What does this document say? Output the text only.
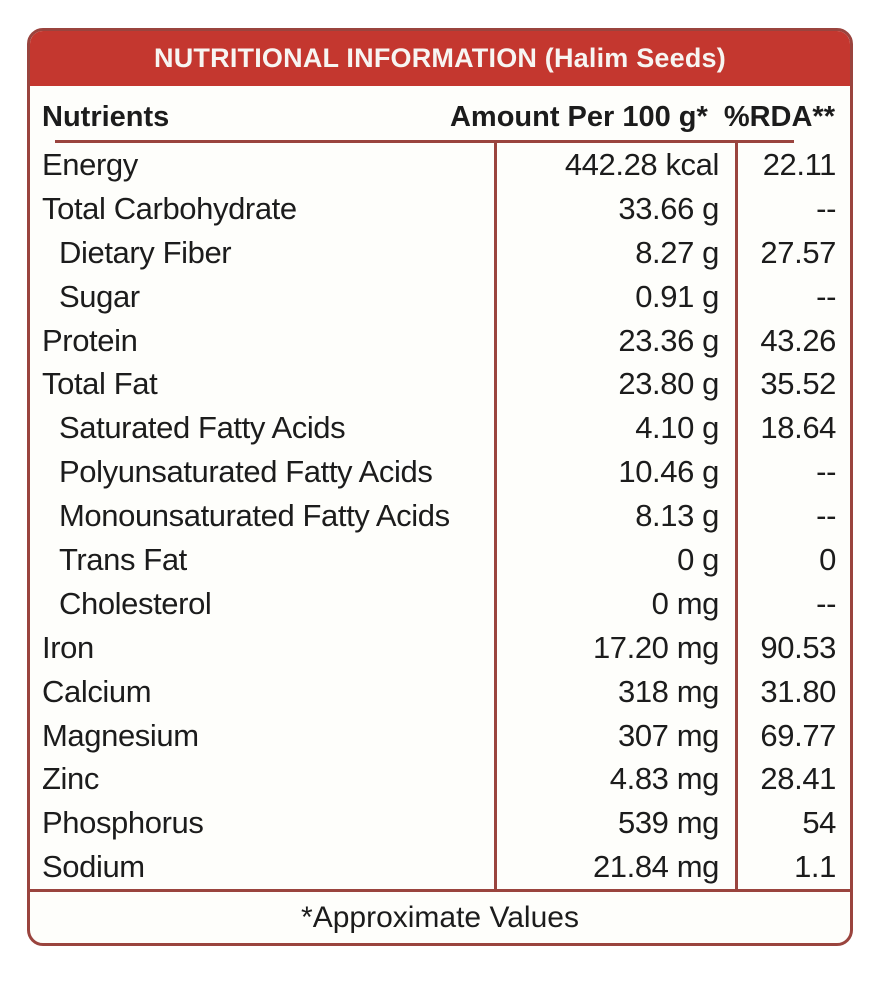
NUTRITIONAL INFORMATION (Halim Seeds)
Nutrients	Amount Per 100 g* %RDA**
Energy	442.28 kcal	22.11
Total Carbohydrate	33.66 g	--
Dietary Fiber	8.27 g	27.57
Sugar	0.91 g	--
Protein	23.36 g	43.26
Total Fat	23.80 g	35.52
Saturated Fatty Acids	4.10 g	18.64
Polyunsaturated Fatty Acids	10.46 g	--
Monounsaturated Fatty Acids	8.13 g	--
Trans Fat	0 g	0
Cholesterol	0 mg	--
Iron	17.20 mg	90.53
Calcium	318 mg	31.80
Magnesium	307 mg	69.77
Zinc	4.83 mg	28.41
Phosphorus	539 mg	54
Sodium	21.84 mg	1.1
*Approximate Values
